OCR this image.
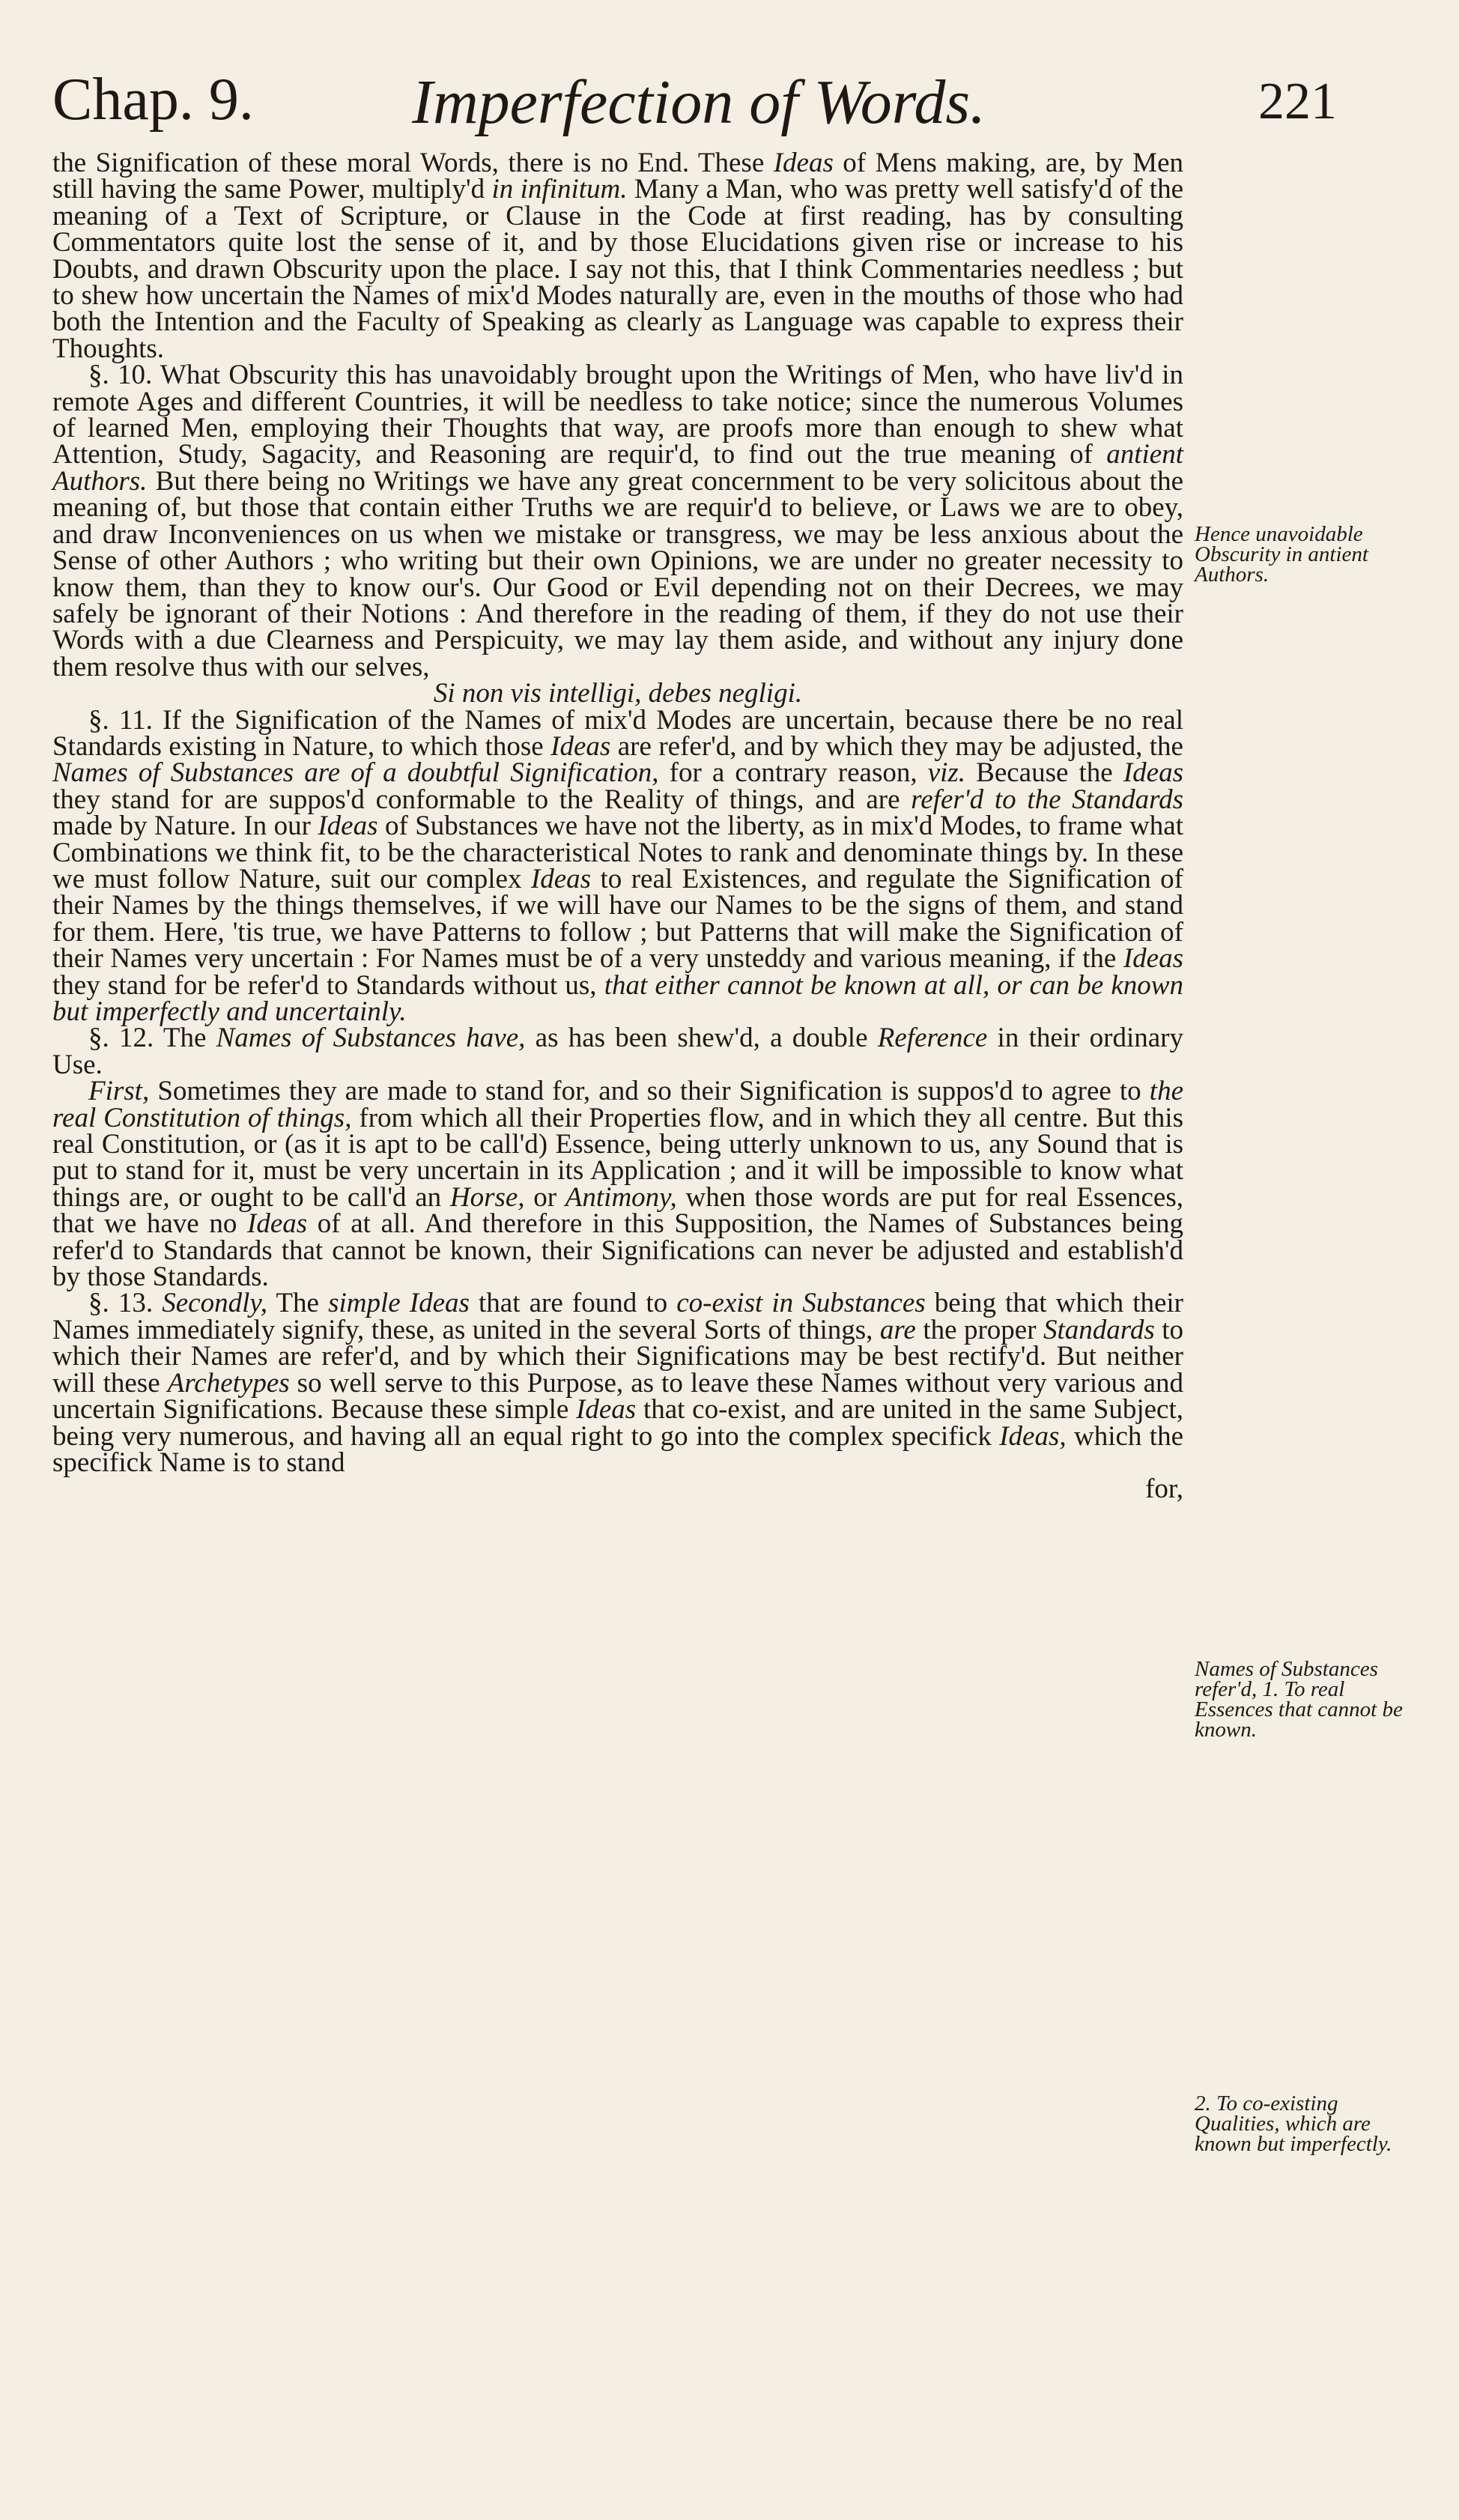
Chap. 9.	Imperfection of Words.	221

the Signification of these moral Words, there is no End. These Ideas of Mens making, are, by Men still having the same Power, multiply'd in infinitum. Many a Man, who was pretty well satisfy'd of the meaning of a Text of Scripture, or Clause in the Code at first reading, has by consulting Commentators quite lost the sense of it, and by those Elucidations given rise or increase to his Doubts, and drawn Obscurity upon the place. I say not this, that I think Commentaries needless ; but to shew how uncertain the Names of mix'd Modes naturally are, even in the mouths of those who had both the Intention and the Faculty of Speaking as clearly as Language was capable to express their Thoughts.

§. 10. What Obscurity this has unavoidably brought upon the Writings of Men, who have liv'd in remote Ages and different Countries, it will be needless to take notice; since the numerous Volumes of learned Men, employing their Thoughts that way, are proofs more than enough to shew what Attention, Study, Sagacity, and Reasoning are requir'd, to find out the true meaning of antient Authors. But there being no Writings we have any great concernment to be very solicitous about the meaning of, but those that contain either Truths we are requir'd to believe, or Laws we are to obey, and draw Inconveniences on us when we mistake or transgress, we may be less anxious about the Sense of other Authors ; who writing but their own Opinions, we are under no greater necessity to know them, than they to know our's. Our Good or Evil depending not on their Decrees, we may safely be ignorant of their Notions : And therefore in the reading of them, if they do not use their Words with a due Clearness and Perspicuity, we may lay them aside, and without any injury done them resolve thus with our selves,

Si non vis intelligi, debes negligi.

§. 11. If the Signification of the Names of mix'd Modes are uncertain, because there be no real Standards existing in Nature, to which those Ideas are refer'd, and by which they may be adjusted, the Names of Substances are of a doubtful Signification, for a contrary reason, viz. Because the Ideas they stand for are suppos'd conformable to the Reality of things, and are refer'd to the Standards made by Nature. In our Ideas of Substances we have not the liberty, as in mix'd Modes, to frame what Combinations we think fit, to be the characteristical Notes to rank and denominate things by. In these we must follow Nature, suit our complex Ideas to real Existences, and regulate the Signification of their Names by the things themselves, if we will have our Names to be the signs of them, and stand for them. Here, 'tis true, we have Patterns to follow ; but Patterns that will make the Signification of their Names very uncertain : For Names must be of a very unsteddy and various meaning, if the Ideas they stand for be refer'd to Standards without us, that either cannot be known at all, or can be known but imperfectly and uncertainly.

§. 12. The Names of Substances have, as has been shew'd, a double Reference in their ordinary Use.

First, Sometimes they are made to stand for, and so their Signification is suppos'd to agree to the real Constitution of things, from which all their Properties flow, and in which they all centre. But this real Constitution, or (as it is apt to be call'd) Essence, being utterly unknown to us, any Sound that is put to stand for it, must be very uncertain in its Application ; and it will be impossible to know what things are, or ought to be call'd an Horse, or Antimony, when those words are put for real Essences, that we have no Ideas of at all. And therefore in this Supposition, the Names of Substances being refer'd to Standards that cannot be known, their Significations can never be adjusted and establish'd by those Standards.

§. 13. Secondly, The simple Ideas that are found to co-exist in Substances being that which their Names immediately signify, these, as united in the several Sorts of things, are the proper Standards to which their Names are refer'd, and by which their Significations may be best rectify'd. But neither will these Archetypes so well serve to this Purpose, as to leave these Names without very various and uncertain Significations. Because these simple Ideas that co-exist, and are united in the same Subject, being very numerous, and having all an equal right to go into the complex specifick Ideas, which the specifick Name is to stand

for,

Hence unavoidable Obscurity in antient Authors.
Names of Substances refer'd, 1. To real Essences that cannot be known.
2. To co-existing Qualities, which are known but imperfectly.
